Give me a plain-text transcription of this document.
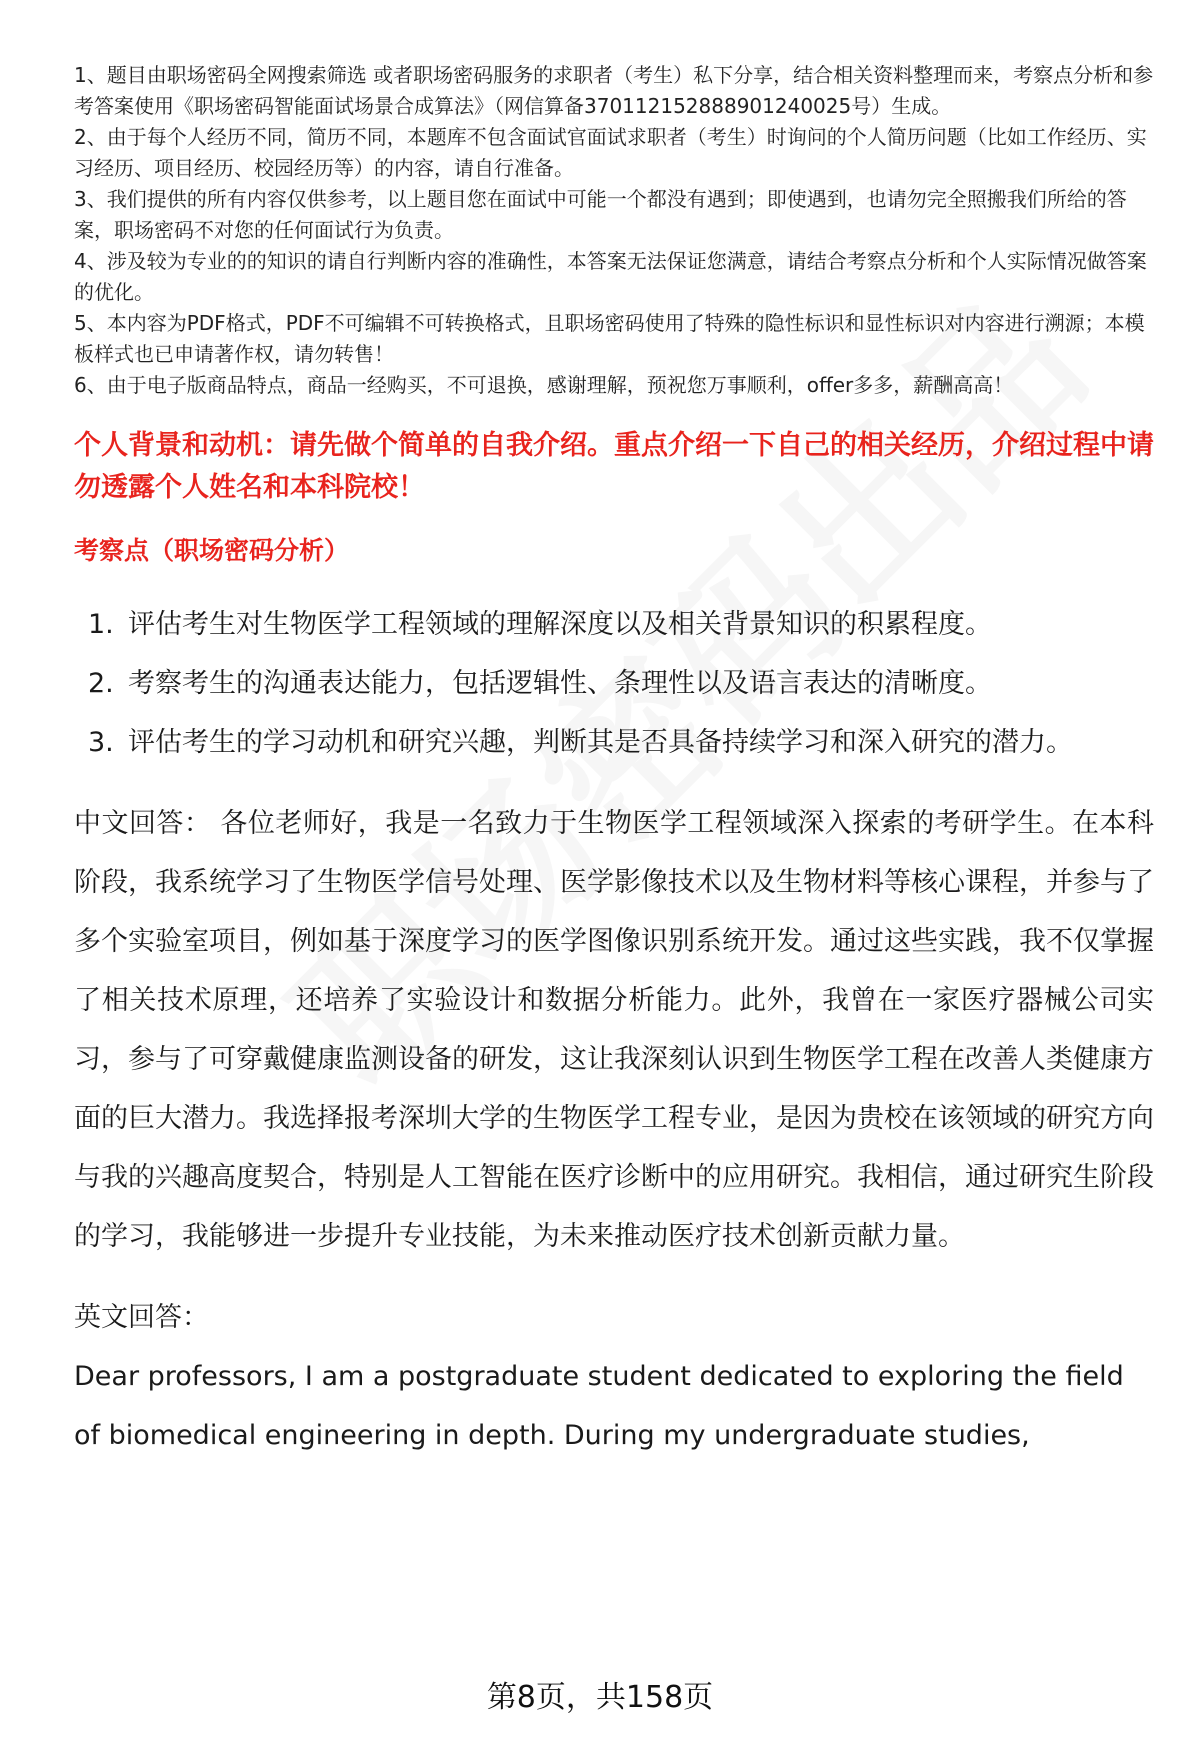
1、题目由职场密码全网搜索筛选 或者职场密码服务的求职者（考生）私下分享，结合相关资料整理而来，考察点分析和参考答案使用《职场密码智能面试场景合成算法》（网信算备370112152888901240025号）生成。
2、由于每个人经历不同，简历不同，本题库不包含面试官面试求职者（考生）时询问的个人简历问题（比如工作经历、实习经历、项目经历、校园经历等）的内容，请自行准备。
3、我们提供的所有内容仅供参考，以上题目您在面试中可能一个都没有遇到；即使遇到，也请勿完全照搬我们所给的答案，职场密码不对您的任何面试行为负责。
4、涉及较为专业的的知识的请自行判断内容的准确性，本答案无法保证您满意，请结合考察点分析和个人实际情况做答案的优化。
5、本内容为PDF格式，PDF不可编辑不可转换格式，且职场密码使用了特殊的隐性标识和显性标识对内容进行溯源；本模板样式也已申请著作权，请勿转售！
6、由于电子版商品特点，商品一经购买，不可退换，感谢理解，预祝您万事顺利，offer多多，薪酬高高！

个人背景和动机：请先做个简单的自我介绍。重点介绍一下自己的相关经历，介绍过程中请勿透露个人姓名和本科院校！

考察点（职场密码分析）

1. 评估考生对生物医学工程领域的理解深度以及相关背景知识的积累程度。
2. 考察考生的沟通表达能力，包括逻辑性、条理性以及语言表达的清晰度。
3. 评估考生的学习动机和研究兴趣，判断其是否具备持续学习和深入研究的潜力。

中文回答： 各位老师好，我是一名致力于生物医学工程领域深入探索的考研学生。在本科阶段，我系统学习了生物医学信号处理、医学影像技术以及生物材料等核心课程，并参与了多个实验室项目，例如基于深度学习的医学图像识别系统开发。通过这些实践，我不仅掌握了相关技术原理，还培养了实验设计和数据分析能力。此外，我曾在一家医疗器械公司实习，参与了可穿戴健康监测设备的研发，这让我深刻认识到生物医学工程在改善人类健康方面的巨大潜力。我选择报考深圳大学的生物医学工程专业，是因为贵校在该领域的研究方向与我的兴趣高度契合，特别是人工智能在医疗诊断中的应用研究。我相信，通过研究生阶段的学习，我能够进一步提升专业技能，为未来推动医疗技术创新贡献力量。

英文回答：

Dear professors, I am a postgraduate student dedicated to exploring the field of biomedical engineering in depth. During my undergraduate studies,

第8页，共158页
